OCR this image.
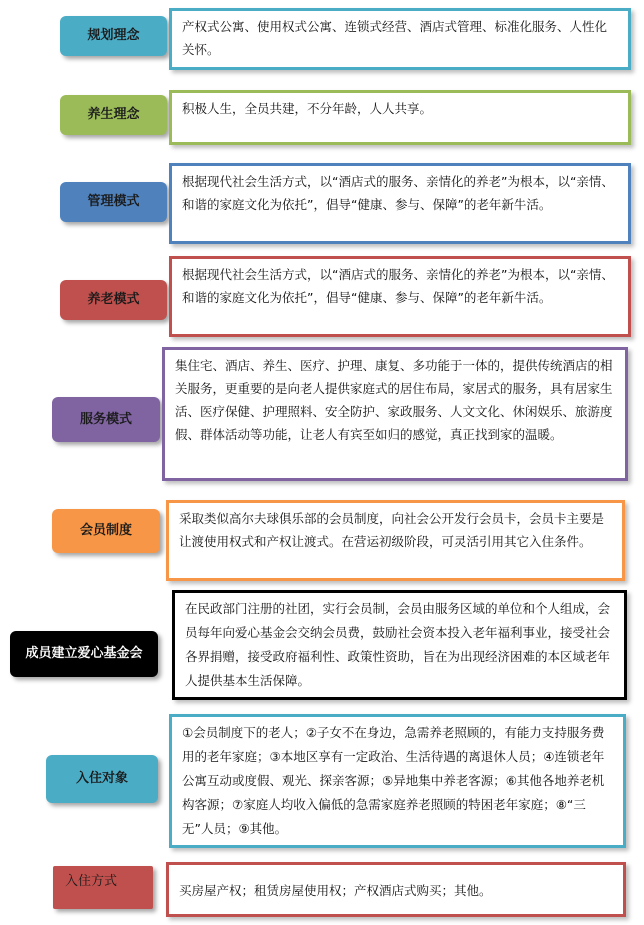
规划理念
产权式公寓、使用权式公寓、连锁式经营、酒店式管理、标准化服务、人性化关怀。
养生理念	积极人生，全员共建，不分年龄，人人共享。
管理模式
根据现代社会生活方式，以“酒店式的服务、亲情化的养老”为根本，以“亲情、和谐的家庭文化为依托”，倡导“健康、参与、保障”的老年新牛活。
养老模式
根据现代社会生活方式，以“酒店式的服务、亲情化的养老”为根本，以“亲情、和谐的家庭文化为依托”，倡导“健康、参与、保障”的老年新牛活。
服务模式
集住宅、酒店、养生、医疗、护理、康复、多功能于一体的，提供传统酒店的相关服务，更重要的是向老人提供家庭式的居住布局，家居式的服务，具有居家生活、医疗保健、护理照料、安全防护、家政服务、人文文化、休闲娱乐、旅游度假、群体活动等功能，让老人有宾至如归的感觉，真正找到家的温暖。
会员制度
采取类似高尔夫球俱乐部的会员制度，向社会公开发行会员卡，会员卡主要是让渡使用权式和产权让渡式。在营运初级阶段，可灵活引用其它入住条件。
成员建立爱心基金会
在民政部门注册的社团，实行会员制，会员由服务区域的单位和个人组成，会员每年向爱心基金会交纳会员费，鼓励社会资本投入老年福利事业，接受社会各界捐赠，接受政府福利性、政策性资助，旨在为出现经济困难的本区域老年人提供基本生活保障。
入住对象
①会员制度下的老人；②子女不在身边，急需养老照顾的，有能力支持服务费用的老年家庭；③本地区享有一定政治、生活待遇的离退休人员；④连锁老年公寓互动或度假、观光、探亲客源；⑤异地集中养老客源；⑥其他各地养老机构客源；⑦家庭人均收入偏低的急需家庭养老照顾的特困老年家庭；⑧“三无”人员；⑨其他。
入住方式
买房屋产权；租赁房屋使用权；产权酒店式购买；其他。
